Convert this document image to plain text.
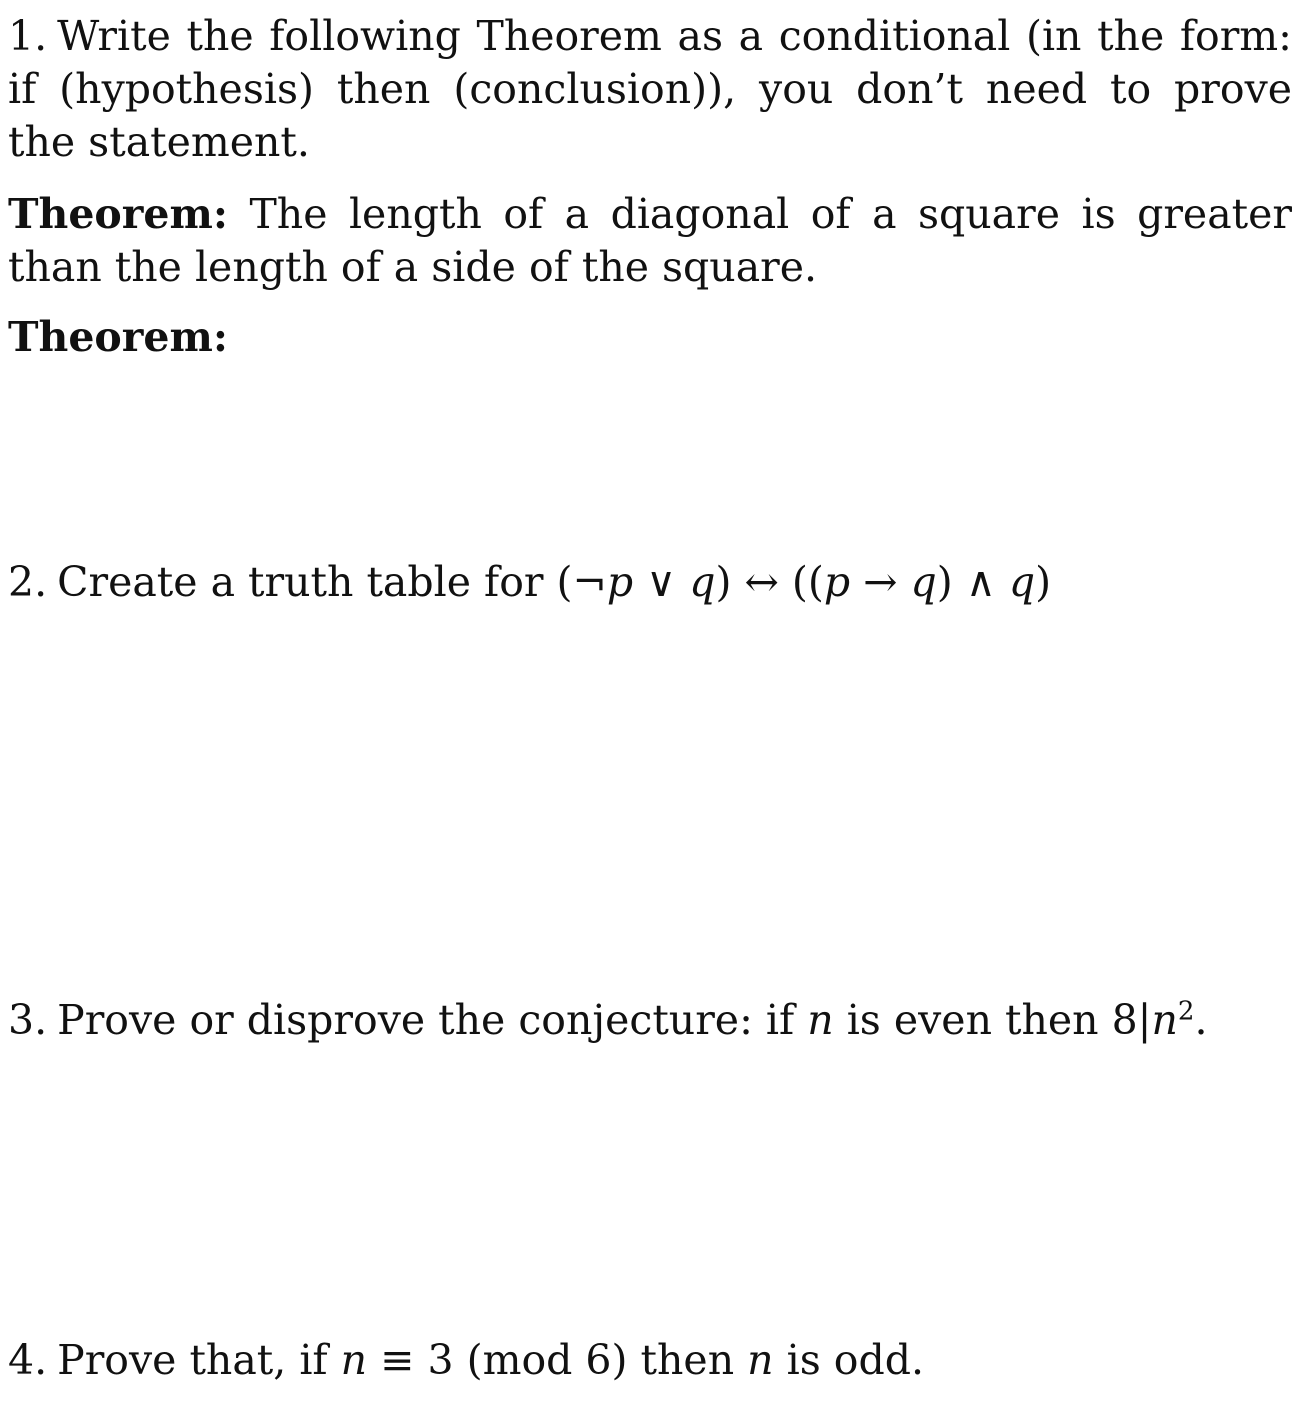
1. Write the following Theorem as a conditional (in the form: if (hypothesis) then (conclusion)), you don’t need to prove the statement.
Theorem: The length of a diagonal of a square is greater than the length of a side of the square.
Theorem:
2. Create a truth table for (¬p ∨ q) ↔ ((p → q) ∧ q)
3. Prove or disprove the conjecture: if n is even then $8|n^2$.
4. Prove that, if n ≡ 3 (mod 6) then n is odd.
